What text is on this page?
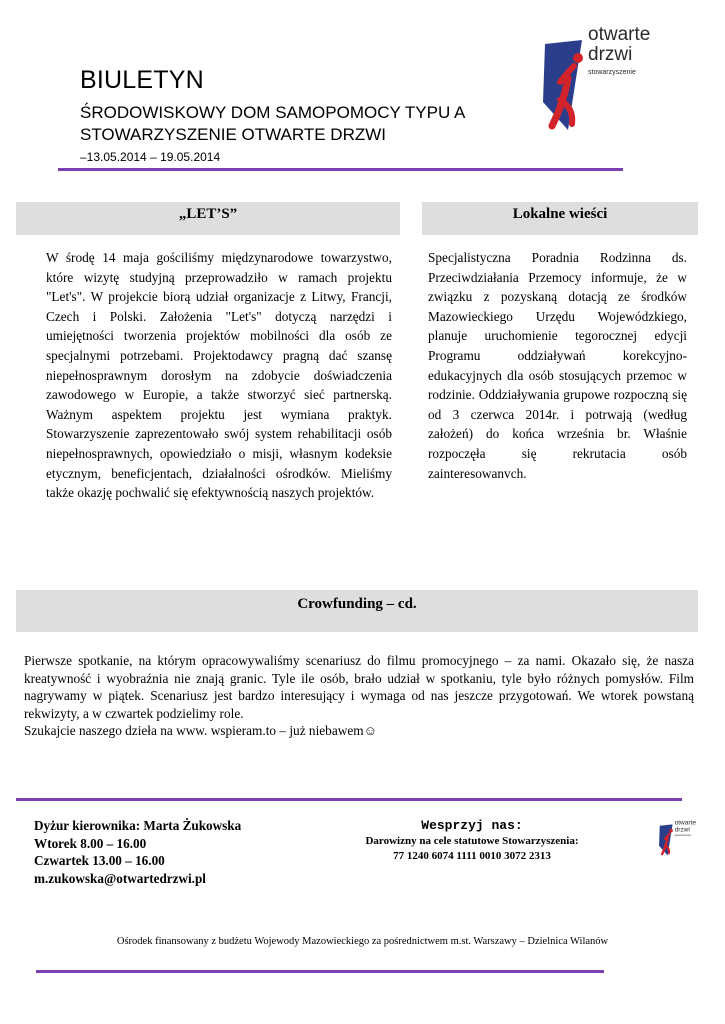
BIULETYN
ŚRODOWISKOWY DOM SAMOPOMOCY TYPU A
STOWARZYSZENIE OTWARTE DRZWI
–13.05.2014 – 19.05.2014
otwarte
drzwi
stowarzyszenie
„LET’S”
W środę 14 maja gościliśmy międzynarodowe towarzystwo, które wizytę studyjną przeprowadziło w ramach projektu "Let's". W projekcie biorą udział organizacje z Litwy, Francji, Czech i Polski. Założenia "Let's" dotyczą narzędzi i umiejętności tworzenia projektów mobilności dla osób ze specjalnymi potrzebami. Projektodawcy pragną dać szansę niepełnosprawnym dorosłym na zdobycie doświadczenia zawodowego w Europie, a także stworzyć sieć partnerską. Ważnym aspektem projektu jest wymiana praktyk. Stowarzyszenie zaprezentowało swój system rehabilitacji osób niepełnosprawnych, opowiedziało o misji, własnym kodeksie etycznym, beneficjentach, działalności ośrodków. Mieliśmy także okazję pochwalić się efektywnością naszych projektów.
Lokalne wieści
Specjalistyczna Poradnia Rodzinna ds. Przeciwdziałania Przemocy informuje, że w związku z pozyskaną dotacją ze środków Mazowieckiego Urzędu Wojewódzkiego, planuje uruchomienie tegorocznej edycji Programu oddziaływań korekcyjno-edukacyjnych dla osób stosujących przemoc w rodzinie. Oddziaływania grupowe rozpoczną się od 3 czerwca 2014r. i potrwają (według założeń) do końca września br. Właśnie rozpoczęła się rekrutacia osób zainteresowanvch.
Crowfunding – cd.

Pierwsze spotkanie, na którym opracowywaliśmy scenariusz do filmu promocyjnego – za nami. Okazało się, że nasza kreatywność i wyobraźnia nie znają granic. Tyle ile osób, brało udział w spotkaniu, tyle było różnych pomysłów. Film nagrywamy w piątek. Scenariusz jest bardzo interesujący i wymaga od nas jeszcze przygotowań. We wtorek powstaną rekwizyty, a w czwartek podzielimy role.

Szukajcie naszego dzieła na www. wspieram.to – już niebawem☺

Dyżur kierownika: Marta Żukowska
Wtorek 8.00 – 16.00
Czwartek 13.00 – 16.00
m.zukowska@otwartedrzwi.pl
Wesprzyj nas:
Darowizny na cele statutowe Stowarzyszenia:
77 1240 6074 1111 0010 3072 2313
otwarte
drzwi
stowarzyszenie
Ośrodek finansowany z budżetu Wojewody Mazowieckiego za pośrednictwem m.st. Warszawy – Dzielnica Wilanów
